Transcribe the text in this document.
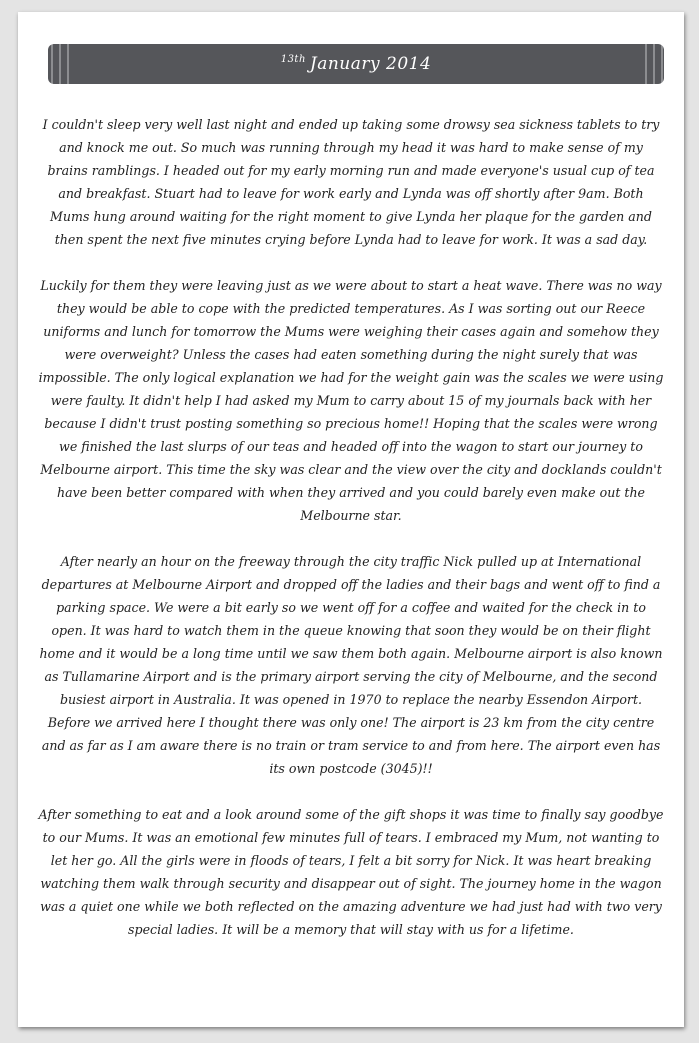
$^{13th}$ January 2014

I couldn't sleep very well last night and ended up taking some drowsy sea sickness tablets to try and knock me out. So much was running through my head it was hard to make sense of my brains ramblings. I headed out for my early morning run and made everyone's usual cup of tea and breakfast. Stuart had to leave for work early and Lynda was off shortly after 9am. Both Mums hung around waiting for the right moment to give Lynda her plaque for the garden and then spent the next five minutes crying before Lynda had to leave for work. It was a sad day.

Luckily for them they were leaving just as we were about to start a heat wave. There was no way they would be able to cope with the predicted temperatures. As I was sorting out our Reece uniforms and lunch for tomorrow the Mums were weighing their cases again and somehow they were overweight? Unless the cases had eaten something during the night surely that was impossible. The only logical explanation we had for the weight gain was the scales we were using were faulty. It didn't help I had asked my Mum to carry about 15 of my journals back with her because I didn't trust posting something so precious home!! Hoping that the scales were wrong we finished the last slurps of our teas and headed off into the wagon to start our journey to Melbourne airport. This time the sky was clear and the view over the city and docklands couldn't have been better compared with when they arrived and you could barely even make out the Melbourne star.

After nearly an hour on the freeway through the city traffic Nick pulled up at International departures at Melbourne Airport and dropped off the ladies and their bags and went off to find a parking space. We were a bit early so we went off for a coffee and waited for the check in to open. It was hard to watch them in the queue knowing that soon they would be on their flight home and it would be a long time until we saw them both again. Melbourne airport is also known as Tullamarine Airport and is the primary airport serving the city of Melbourne, and the second busiest airport in Australia. It was opened in 1970 to replace the nearby Essendon Airport. Before we arrived here I thought there was only one! The airport is 23 km from the city centre and as far as I am aware there is no train or tram service to and from here. The airport even has its own postcode (3045)!!

After something to eat and a look around some of the gift shops it was time to finally say goodbye to our Mums. It was an emotional few minutes full of tears. I embraced my Mum, not wanting to let her go. All the girls were in floods of tears, I felt a bit sorry for Nick. It was heart breaking watching them walk through security and disappear out of sight. The journey home in the wagon was a quiet one while we both reflected on the amazing adventure we had just had with two very special ladies. It will be a memory that will stay with us for a lifetime.
